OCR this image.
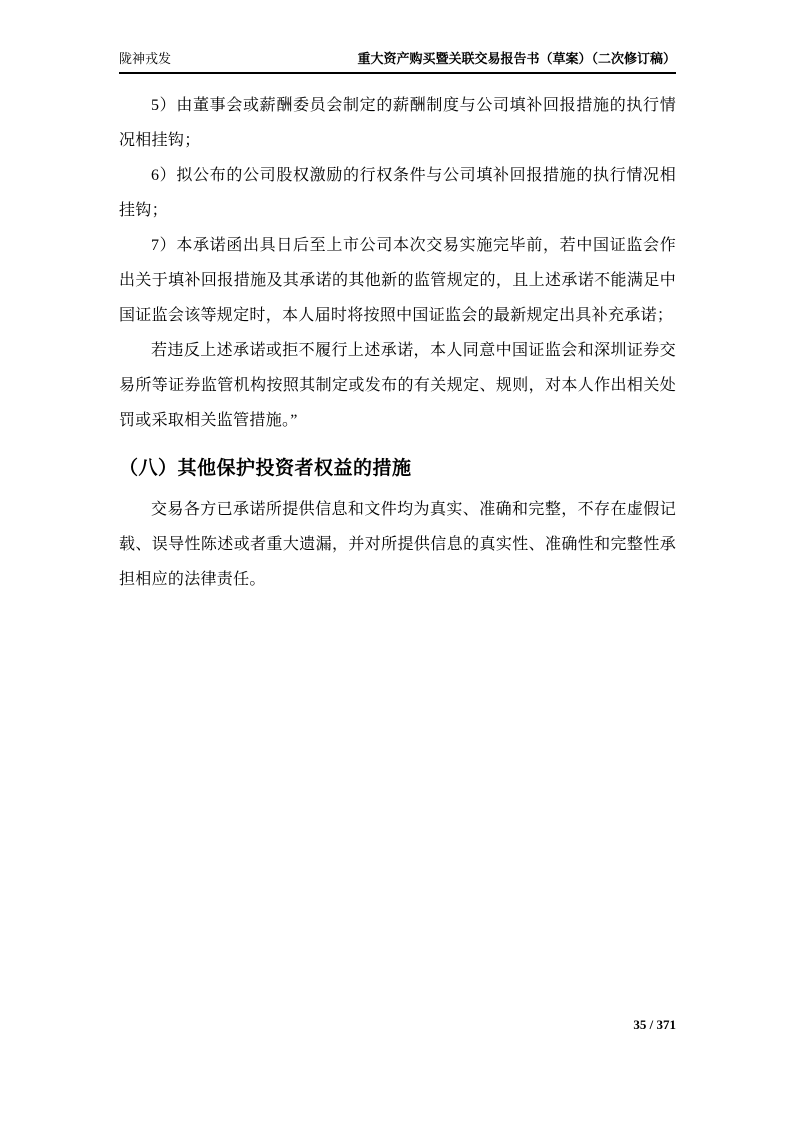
陇神戎发	重大资产购买暨关联交易报告书（草案）（二次修订稿）

5）由董事会或薪酬委员会制定的薪酬制度与公司填补回报措施的执行情况相挂钩；

6）拟公布的公司股权激励的行权条件与公司填补回报措施的执行情况相挂钩；

7）本承诺函出具日后至上市公司本次交易实施完毕前，若中国证监会作出关于填补回报措施及其承诺的其他新的监管规定的，且上述承诺不能满足中国证监会该等规定时，本人届时将按照中国证监会的最新规定出具补充承诺；

若违反上述承诺或拒不履行上述承诺，本人同意中国证监会和深圳证券交易所等证券监管机构按照其制定或发布的有关规定、规则，对本人作出相关处罚或采取相关监管措施。”

（八）其他保护投资者权益的措施

交易各方已承诺所提供信息和文件均为真实、准确和完整，不存在虚假记载、误导性陈述或者重大遗漏，并对所提供信息的真实性、准确性和完整性承担相应的法律责任。

35 / 371
